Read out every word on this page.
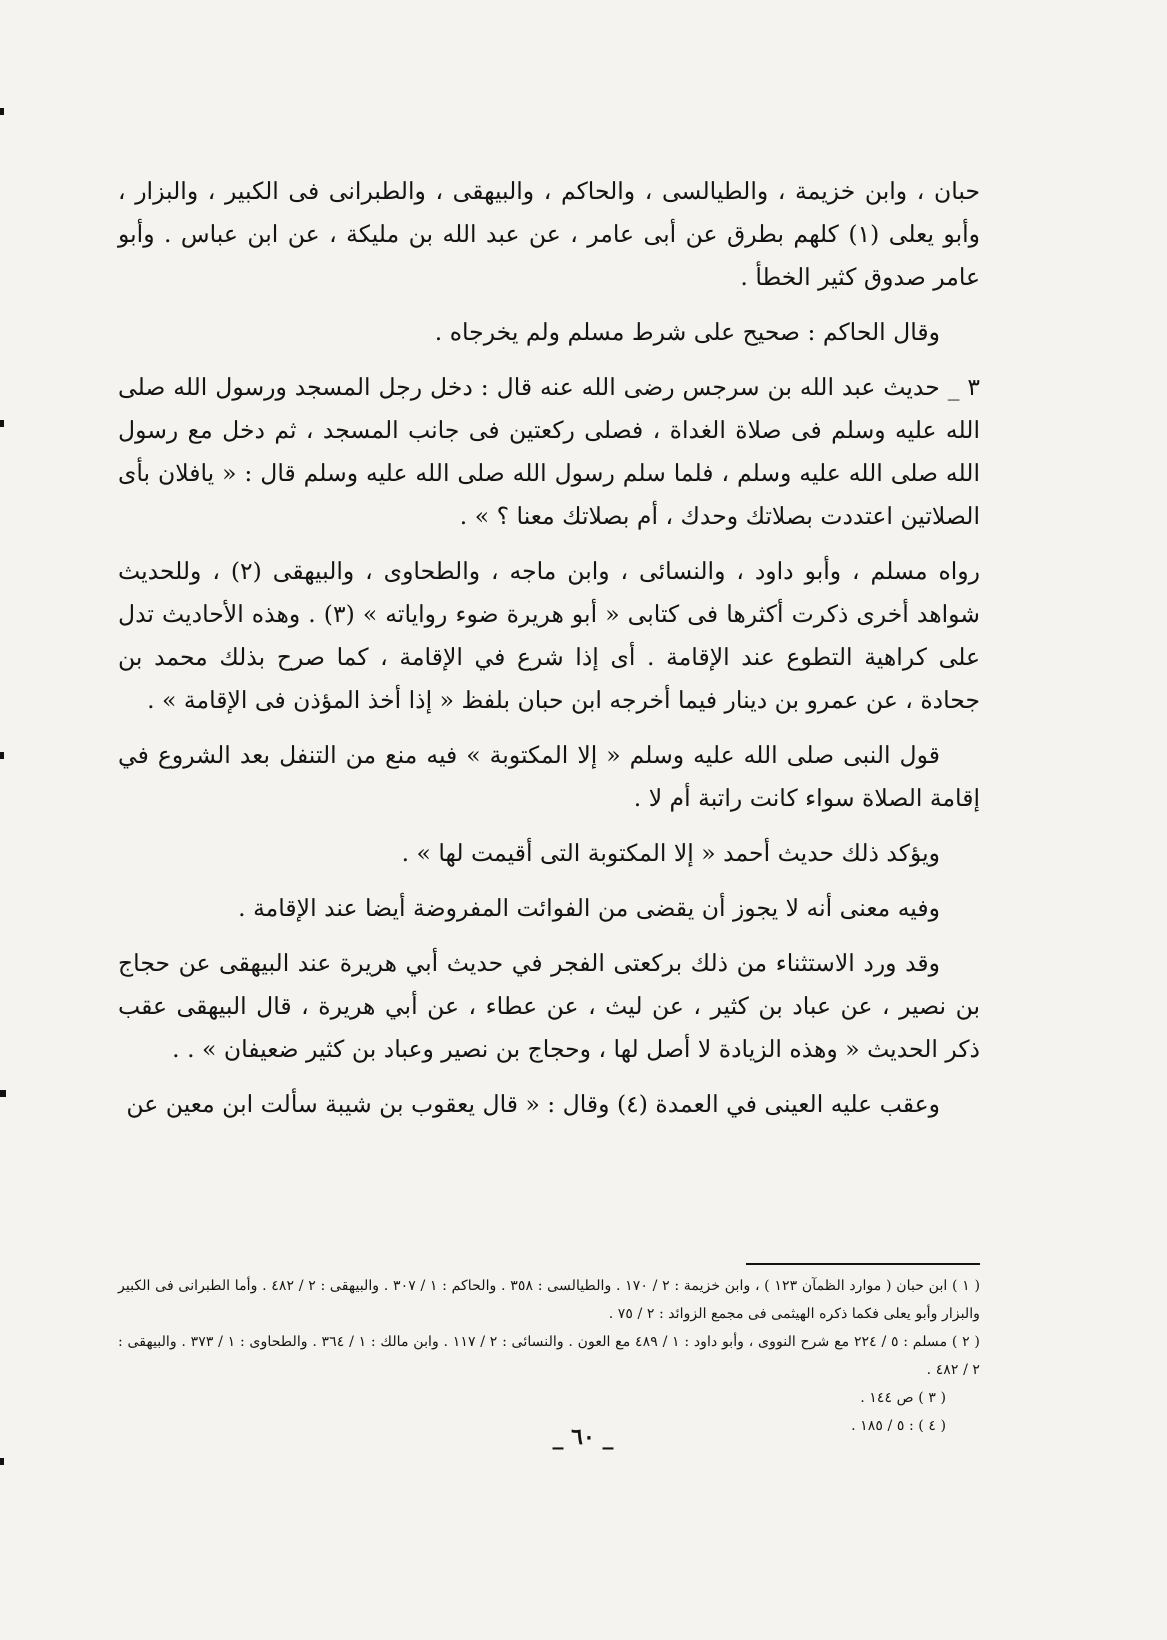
حبان ، وابن خزيمة ، والطيالسى ، والحاكم ، والبيهقى ، والطبرانى فى الكبير ، والبزار ، وأبو يعلى (١) كلهم بطرق عن أبى عامر ، عن عبد الله بن مليكة ، عن ابن عباس . وأبو عامر صدوق كثير الخطأ .

وقال الحاكم : صحيح على شرط مسلم ولم يخرجاه .

٣ _ حديث عبد الله بن سرجس رضى الله عنه قال : دخل رجل المسجد ورسول الله صلى الله عليه وسلم فى صلاة الغداة ، فصلى ركعتين فى جانب المسجد ، ثم دخل مع رسول الله صلى الله عليه وسلم ، فلما سلم رسول الله صلى الله عليه وسلم قال : « يافلان بأى الصلاتين اعتددت بصلاتك وحدك ، أم بصلاتك معنا ؟ » .

رواه مسلم ، وأبو داود ، والنسائى ، وابن ماجه ، والطحاوى ، والبيهقى (٢) ، وللحديث شواهد أخرى ذكرت أكثرها فى كتابى « أبو هريرة ضوء رواياته » (٣) . وهذه الأحاديث تدل على كراهية التطوع عند الإقامة . أى إذا شرع في الإقامة ، كما صرح بذلك محمد بن جحادة ، عن عمرو بن دينار فيما أخرجه ابن حبان بلفظ « إذا أخذ المؤذن فى الإقامة » .

قول النبى صلى الله عليه وسلم « إلا المكتوبة » فيه منع من التنفل بعد الشروع في إقامة الصلاة سواء كانت راتبة أم لا .

ويؤكد ذلك حديث أحمد « إلا المكتوبة التى أقيمت لها » .

وفيه معنى أنه لا يجوز أن يقضى من الفوائت المفروضة أيضا عند الإقامة .

وقد ورد الاستثناء من ذلك بركعتى الفجر في حديث أبي هريرة عند البيهقى عن حجاج بن نصير ، عن عباد بن كثير ، عن ليث ، عن عطاء ، عن أبي هريرة ، قال البيهقى عقب ذكر الحديث « وهذه الزيادة لا أصل لها ، وحجاج بن نصير وعباد بن كثير ضعيفان » . .

وعقب عليه العينى في العمدة (٤) وقال : « قال يعقوب بن شيبة سألت ابن معين عن

( ١ ) ابن حبان ( موارد الظمآن ١٢٣ ) ، وابن خزيمة : ٢ / ١٧٠ . والطيالسى : ٣٥٨ . والحاكم : ١ / ٣٠٧ . والبيهقى : ٢ / ٤٨٢ . وأما الطبرانى فى الكبير والبزار وأبو يعلى فكما ذكره الهيثمى فى مجمع الزوائد : ٢ / ٧٥ .

( ٢ ) مسلم : ٥ / ٢٢٤ مع شرح النووى ، وأبو داود : ١ / ٤٨٩ مع العون . والنسائى : ٢ / ١١٧ . وابن مالك : ١ / ٣٦٤ . والطحاوى : ١ / ٣٧٣ . والبيهقى : ٢ / ٤٨٢ .

( ٣ ) ص ١٤٤ .

( ٤ ) : ٥ / ١٨٥ .

_ ٦٠ _
